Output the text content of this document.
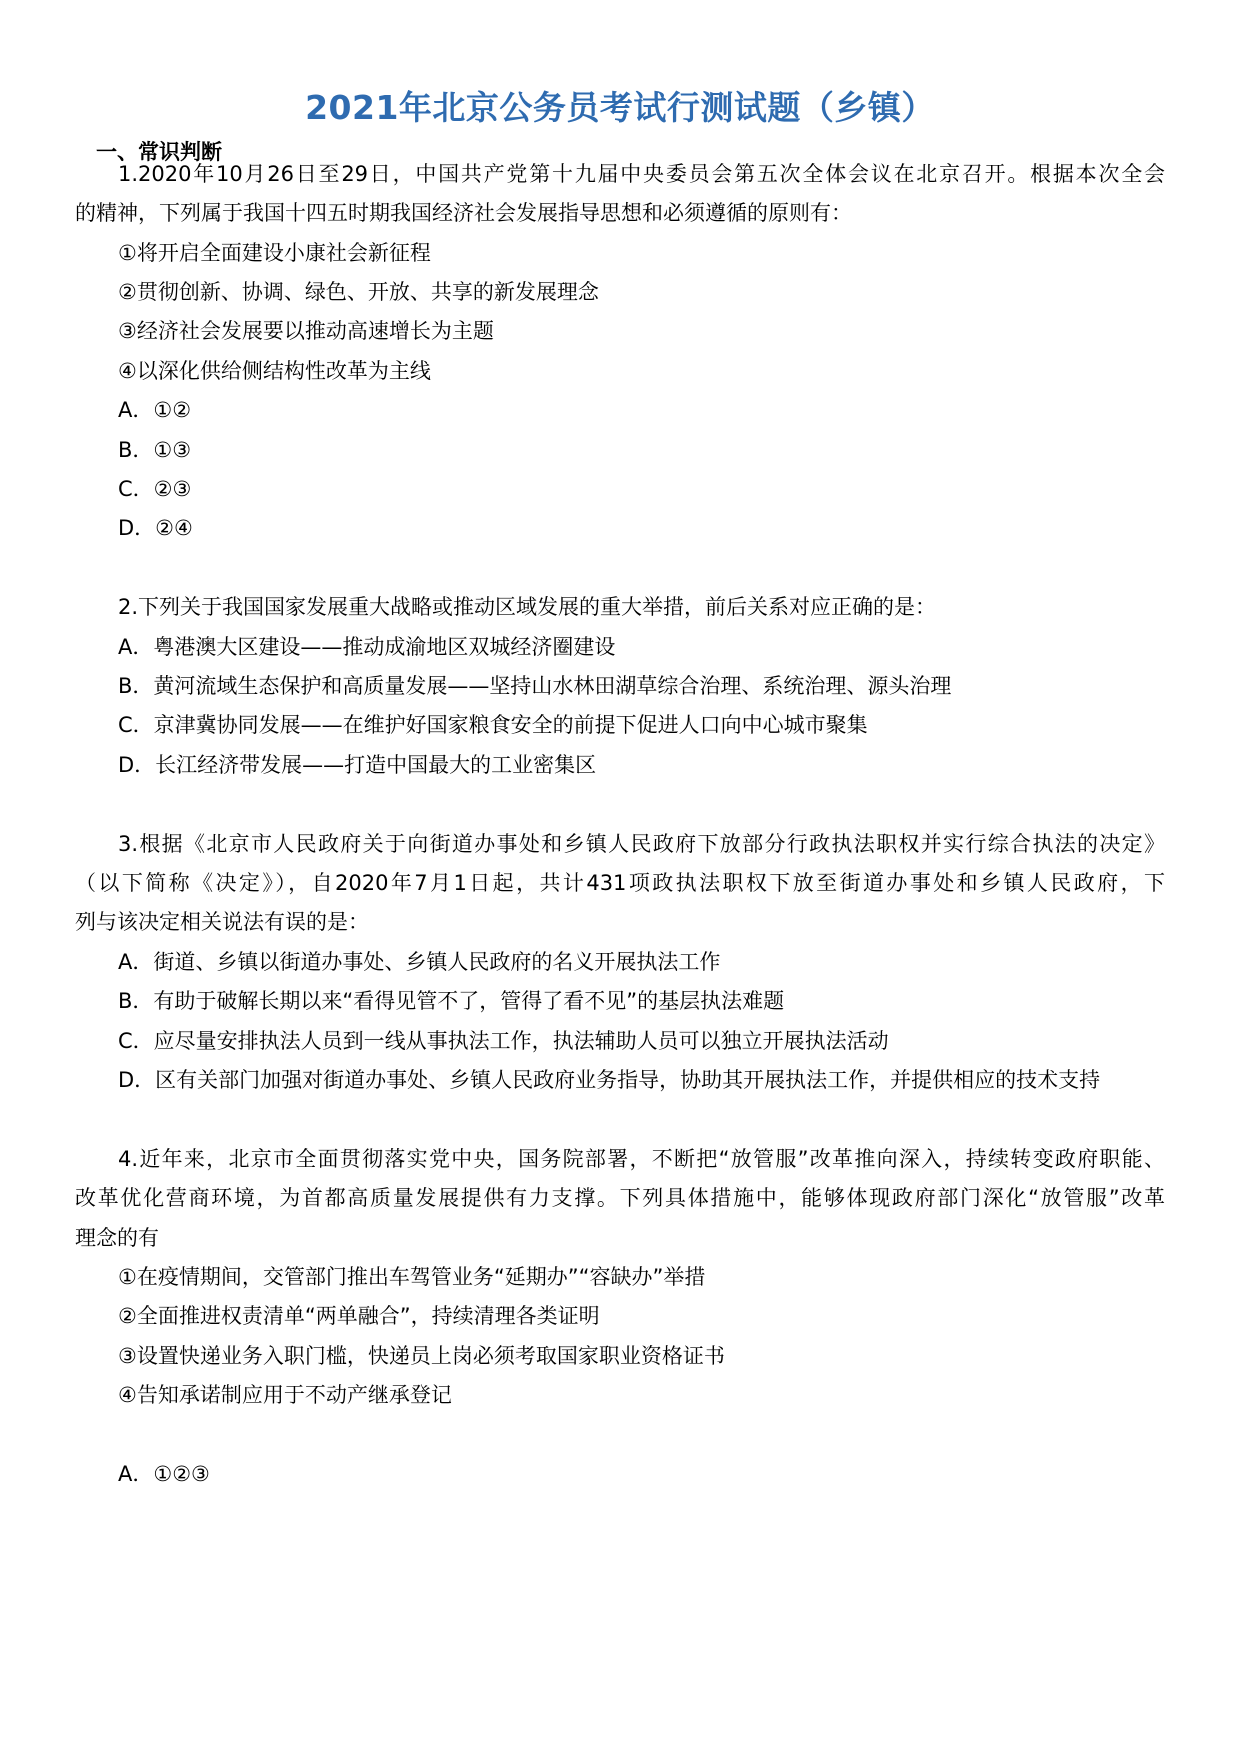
2021年北京公务员考试行测试题（乡镇）
一、常识判断
1.2020年10月26日至29日，中国共产党第十九届中央委员会第五次全体会议在北京召开。根据本次全会
的精神，下列属于我国十四五时期我国经济社会发展指导思想和必须遵循的原则有：
①将开启全面建设小康社会新征程
②贯彻创新、协调、绿色、开放、共享的新发展理念
③经济社会发展要以推动高速增长为主题
④以深化供给侧结构性改革为主线
A．①②
B．①③
C．②③
D．②④
2.下列关于我国国家发展重大战略或推动区域发展的重大举措，前后关系对应正确的是：
A．粤港澳大区建设——推动成渝地区双城经济圈建设
B．黄河流域生态保护和高质量发展——坚持山水林田湖草综合治理、系统治理、源头治理
C．京津冀协同发展——在维护好国家粮食安全的前提下促进人口向中心城市聚集
D．长江经济带发展——打造中国最大的工业密集区
3.根据《北京市人民政府关于向街道办事处和乡镇人民政府下放部分行政执法职权并实行综合执法的决定》
（以下简称《决定》），自2020年7月1日起，共计431项政执法职权下放至街道办事处和乡镇人民政府，下
列与该决定相关说法有误的是：
A．街道、乡镇以街道办事处、乡镇人民政府的名义开展执法工作
B．有助于破解长期以来“看得见管不了，管得了看不见”的基层执法难题
C．应尽量安排执法人员到一线从事执法工作，执法辅助人员可以独立开展执法活动
D．区有关部门加强对街道办事处、乡镇人民政府业务指导，协助其开展执法工作，并提供相应的技术支持
4.近年来，北京市全面贯彻落实党中央，国务院部署，不断把“放管服”改革推向深入，持续转变政府职能、
改革优化营商环境，为首都高质量发展提供有力支撑。下列具体措施中，能够体现政府部门深化“放管服”改革
理念的有
①在疫情期间，交管部门推出车驾管业务“延期办”“容缺办”举措
②全面推进权责清单“两单融合”，持续清理各类证明
③设置快递业务入职门槛，快递员上岗必须考取国家职业资格证书
④告知承诺制应用于不动产继承登记
A．①②③
